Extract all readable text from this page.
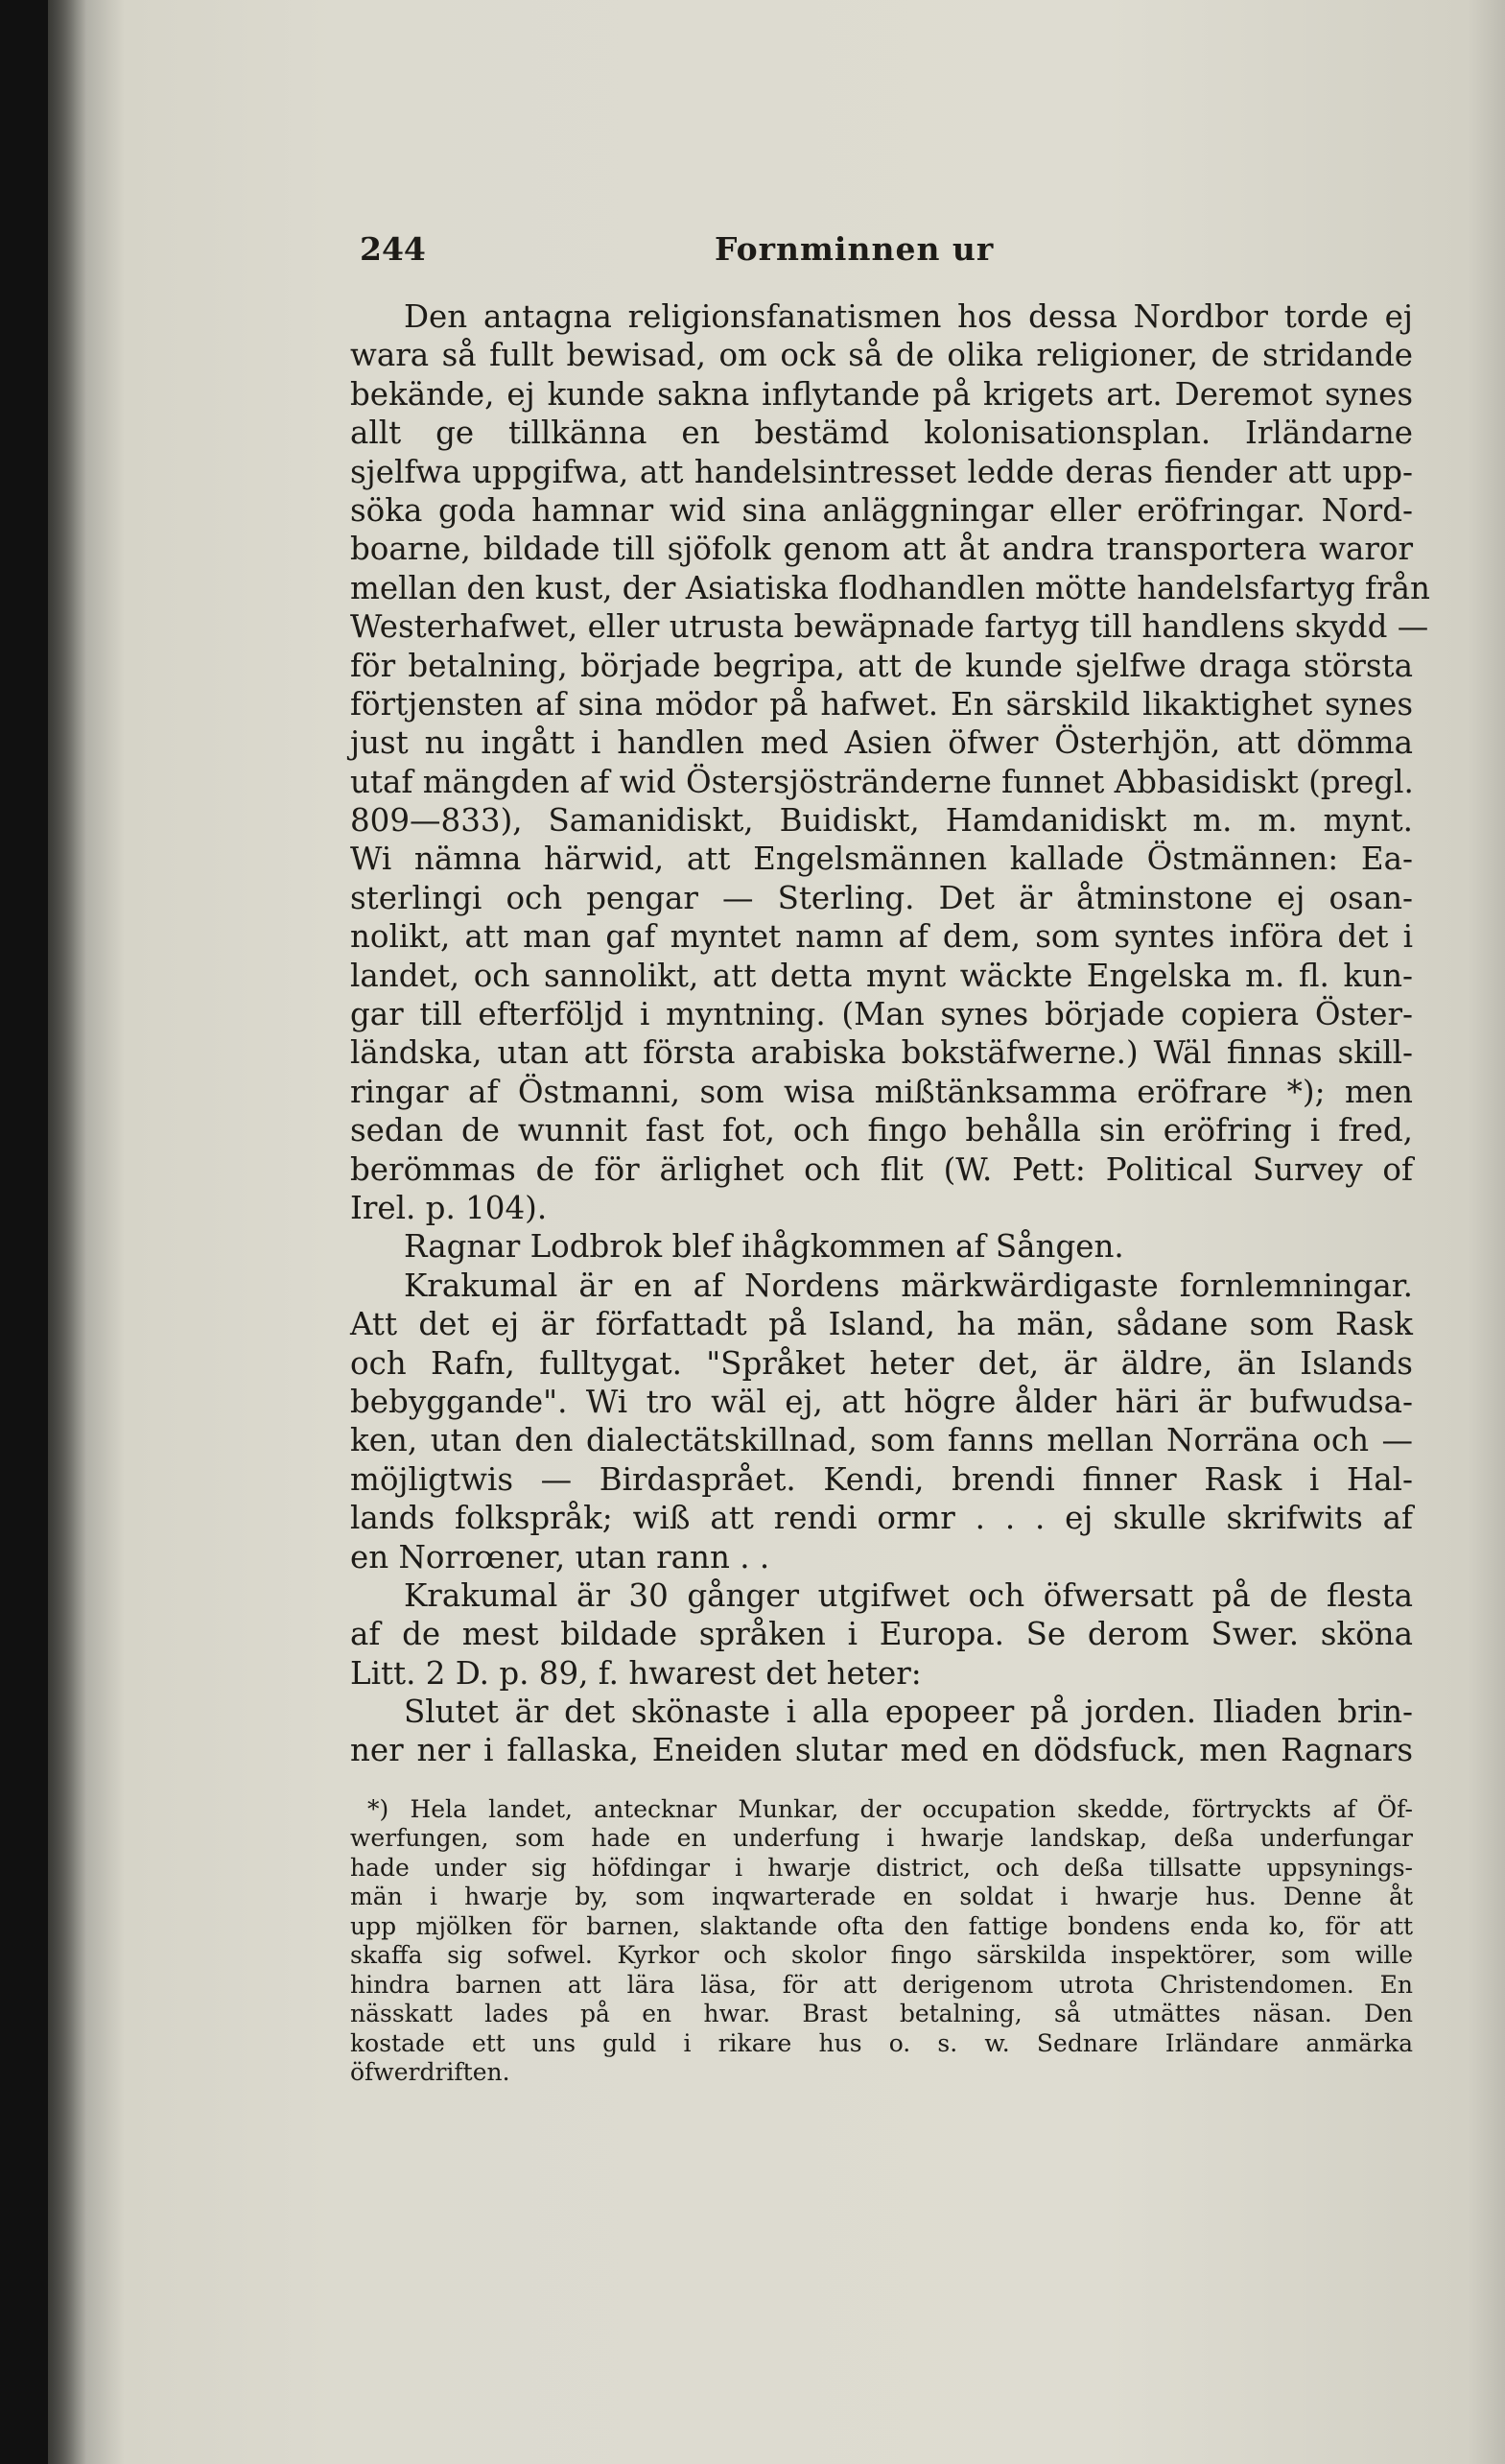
244	Fornminnen ur
Den antagna religionsfanatismen hos dessa Nordbor torde ej
wara så fullt bewisad, om ock så de olika religioner, de stridande
bekände, ej kunde sakna inflytande på krigets art. Deremot synes
allt ge tillkänna en bestämd kolonisationsplan. Irländarne
sjelfwa uppgifwa, att handelsintresset ledde deras fiender att upp-
söka goda hamnar wid sina anläggningar eller eröfringar. Nord-
boarne, bildade till sjöfolk genom att åt andra transportera waror
mellan den kust, der Asiatiska flodhandlen mötte handelsfartyg från
Westerhafwet, eller utrusta bewäpnade fartyg till handlens skydd —
för betalning, började begripa, att de kunde sjelfwe draga största
förtjensten af sina mödor på hafwet. En särskild likaktighet synes
just nu ingått i handlen med Asien öfwer Österhjön, att dömma
utaf mängden af wid Östersjöstränderne funnet Abbasidiskt (pregl.
809—833), Samanidiskt, Buidiskt, Hamdanidiskt m. m. mynt.
Wi nämna härwid, att Engelsmännen kallade Östmännen: Ea-
sterlingi och pengar — Sterling. Det är åtminstone ej osan-
nolikt, att man gaf myntet namn af dem, som syntes införa det i
landet, och sannolikt, att detta mynt wäckte Engelska m. fl. kun-
gar till efterföljd i myntning. (Man synes började copiera Öster-
ländska, utan att första arabiska bokstäfwerne.) Wäl finnas skill-
ringar af Östmanni, som wisa mißtänksamma eröfrare *); men
sedan de wunnit fast fot, och fingo behålla sin eröfring i fred,
berömmas de för ärlighet och flit (W. Pett: Political Survey of
Irel. p. 104).
Ragnar Lodbrok blef ihågkommen af Sången.
Krakumal är en af Nordens märkwärdigaste fornlemningar.
Att det ej är författadt på Island, ha män, sådane som Rask
och Rafn, fulltygat. "Språket heter det, är äldre, än Islands
bebyggande". Wi tro wäl ej, att högre ålder häri är bufwudsa-
ken, utan den dialectätskillnad, som fanns mellan Norräna och —
möjligtwis — Birdasprået. Kendi, brendi finner Rask i Hal-
lands folkspråk; wiß att rendi ormr . . . ej skulle skrifwits af
en Norrœner, utan rann . .
Krakumal är 30 gånger utgifwet och öfwersatt på de flesta
af de mest bildade språken i Europa. Se derom Swer. sköna
Litt. 2 D. p. 89, f. hwarest det heter:
Slutet är det skönaste i alla epopeer på jorden. Iliaden brin-
ner ner i fallaska, Eneiden slutar med en dödsfuck, men Ragnars
*) Hela landet, antecknar Munkar, der occupation skedde, förtryckts af Öf-
werfungen, som hade en underfung i hwarje landskap, deßa underfungar
hade under sig höfdingar i hwarje district, och deßa tillsatte uppsynings-
män i hwarje by, som inqwarterade en soldat i hwarje hus. Denne åt
upp mjölken för barnen, slaktande ofta den fattige bondens enda ko, för att
skaffa sig sofwel. Kyrkor och skolor fingo särskilda inspektörer, som wille
hindra barnen att lära läsa, för att derigenom utrota Christendomen. En
nässkatt lades på en hwar. Brast betalning, så utmättes näsan. Den
kostade ett uns guld i rikare hus o. s. w. Sednare Irländare anmärka
öfwerdriften.
